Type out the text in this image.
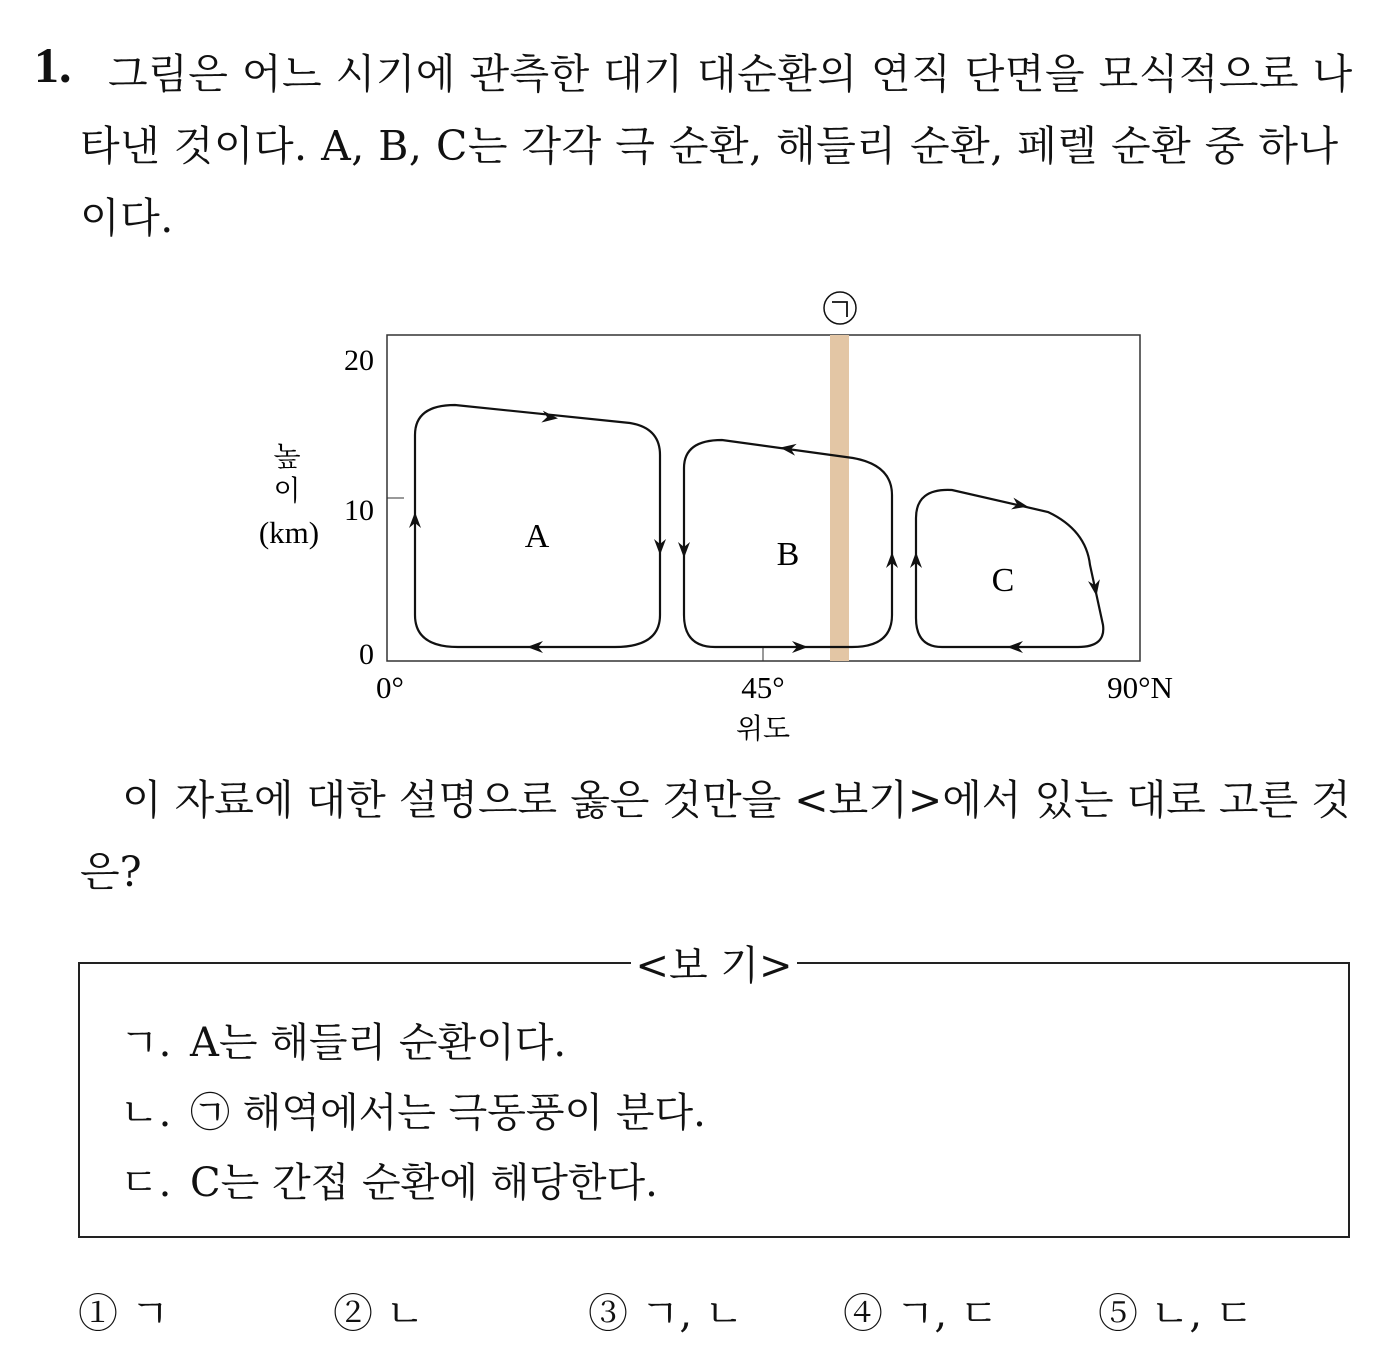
1. 그림은 어느 시기에 관측한 대기 대순환의 연직 단면을 모식적으로 나타낸 것이다. A, B, C는 각각 극 순환, 해들리 순환, 페렐 순환 중 하나이다.
A	B
C
20
10
0
높
이
(km)
0°	45°	90°N
위도
이 자료에 대한 설명으로 옳은 것만을 <보기>에서 있는 대로 고른 것은?
<보 기>
ㄱ. A는 해들리 순환이다.
ㄴ. ㉠ 해역에서는 극동풍이 분다.
ㄷ. C는 간접 순환에 해당한다.
① ㄱ	② ㄴ	③ ㄱ, ㄴ ④ ㄱ, ㄷ ⑤ ㄴ, ㄷ
